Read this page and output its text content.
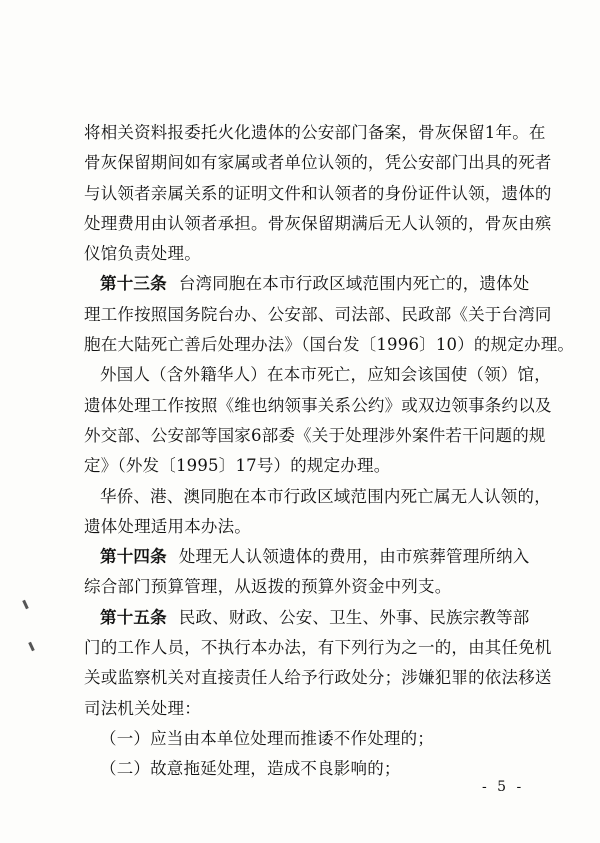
将相关资料报委托火化遗体的公安部门备案，骨灰保留1年。在
骨灰保留期间如有家属或者单位认领的，凭公安部门出具的死者
与认领者亲属关系的证明文件和认领者的身份证件认领，遗体的
处理费用由认领者承担。骨灰保留期满后无人认领的，骨灰由殡
仪馆负责处理。
第十三条 台湾同胞在本市行政区域范围内死亡的，遗体处
理工作按照国务院台办、公安部、司法部、民政部《关于台湾同
胞在大陆死亡善后处理办法》（国台发〔1996〕10）的规定办理。
外国人（含外籍华人）在本市死亡，应知会该国使（领）馆，
遗体处理工作按照《维也纳领事关系公约》或双边领事条约以及
外交部、公安部等国家6部委《关于处理涉外案件若干问题的规
定》（外发〔1995〕17号）的规定办理。
华侨、港、澳同胞在本市行政区域范围内死亡属无人认领的，
遗体处理适用本办法。
第十四条 处理无人认领遗体的费用，由市殡葬管理所纳入
综合部门预算管理，从返拨的预算外资金中列支。
第十五条 民政、财政、公安、卫生、外事、民族宗教等部
门的工作人员，不执行本办法，有下列行为之一的，由其任免机
关或监察机关对直接责任人给予行政处分；涉嫌犯罪的依法移送
司法机关处理：
（一）应当由本单位处理而推诿不作处理的；
（二）故意拖延处理，造成不良影响的；
- 5 -
